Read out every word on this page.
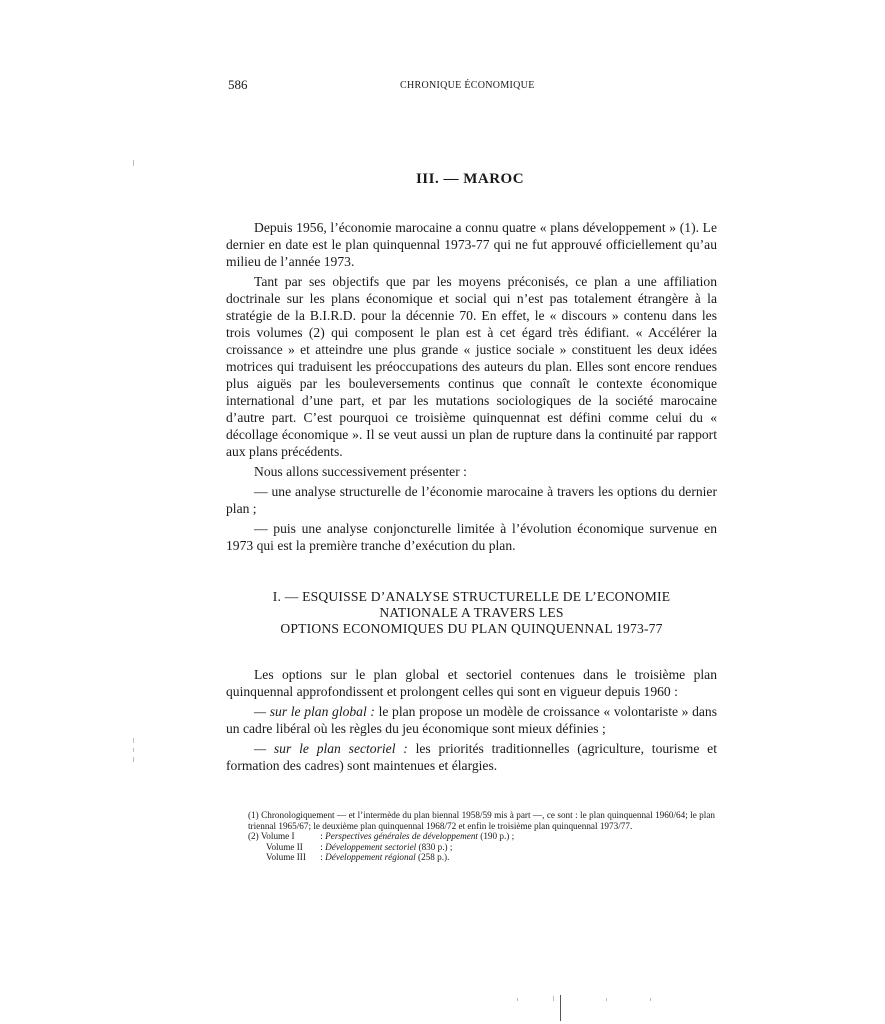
586	CHRONIQUE ÉCONOMIQUE
III. — MAROC

Depuis 1956, l’économie marocaine a connu quatre « plans développement » (1). Le dernier en date est le plan quinquennal 1973-77 qui ne fut approuvé officiellement qu’au milieu de l’année 1973.

Tant par ses objectifs que par les moyens préconisés, ce plan a une affiliation doctrinale sur les plans économique et social qui n’est pas totalement étrangère à la stratégie de la B.I.R.D. pour la décennie 70. En effet, le « discours » contenu dans les trois volumes (2) qui composent le plan est à cet égard très édifiant. « Accélérer la croissance » et atteindre une plus grande « justice sociale » constituent les deux idées motrices qui traduisent les préoccupations des auteurs du plan. Elles sont encore rendues plus aiguës par les bouleversements continus que connaît le contexte économique international d’une part, et par les mutations sociologiques de la société marocaine d’autre part. C’est pourquoi ce troisième quinquennat est défini comme celui du « décollage économique ». Il se veut aussi un plan de rupture dans la continuité par rapport aux plans précédents.

Nous allons successivement présenter :

— une analyse structurelle de l’économie marocaine à travers les options du dernier plan ;

— puis une analyse conjoncturelle limitée à l’évolution économique survenue en 1973 qui est la première tranche d’exécution du plan.

I. — ESQUISSE D’ANALYSE STRUCTURELLE DE L’ECONOMIE
NATIONALE A TRAVERS LES
OPTIONS ECONOMIQUES DU PLAN QUINQUENNAL 1973-77

Les options sur le plan global et sectoriel contenues dans le troisième plan quinquennal approfondissent et prolongent celles qui sont en vigueur depuis 1960 :

— sur le plan global : le plan propose un modèle de croissance « volontariste » dans un cadre libéral où les règles du jeu économique sont mieux définies ;

— sur le plan sectoriel : les priorités traditionnelles (agriculture, tourisme et formation des cadres) sont maintenues et élargies.

(1) Chronologiquement — et l’intermède du plan biennal 1958/59 mis à part —, ce sont : le plan quinquennal 1960/64; le plan triennal 1965/67; le deuxième plan quinquennal 1968/72 et enfin le troisième plan quinquennal 1973/77.

(2) Volume I	: Perspectives générales de développement (190 p.) ;
Volume II : Développement sectoriel (830 p.) ;
Volume III : Développement régional (258 p.).
